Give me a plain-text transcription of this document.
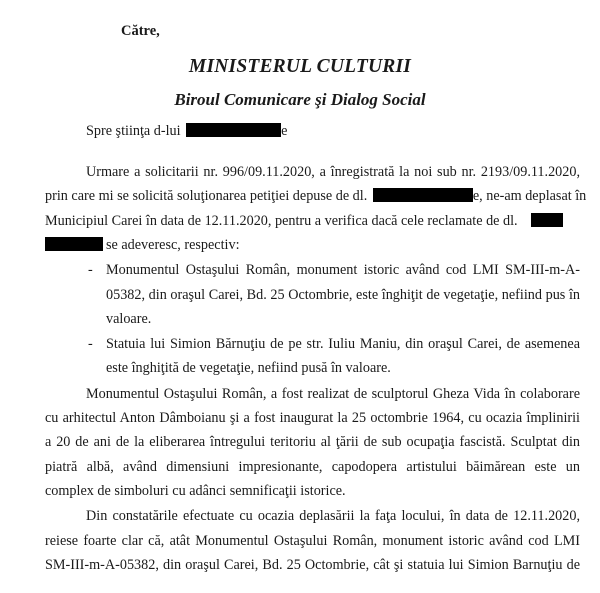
Către,
MINISTERUL CULTURII
Biroul Comunicare şi Dialog Social
Spre ştiinţa d-lui	e
Urmare a solicitarii nr. 996/09.11.2020, a înregistrată la noi sub nr. 2193/09.11.2020,
prin care mi se solicită soluţionarea petiţiei depuse de dl.	e, ne-am deplasat în
Municipiul Carei în data de 12.11.2020, pentru a verifica dacă cele reclamate de dl.
se adeveresc, respectiv:
- Monumentul Ostaşului Român, monument istoric având cod LMI SM-III-m-A-
05382, din oraşul Carei, Bd. 25 Octombrie, este înghiţit de vegetaţie, nefiind pus în
valoare.
- Statuia lui Simion Bărnuţiu de pe str. Iuliu Maniu, din oraşul Carei, de asemenea
este înghiţită de vegetaţie, nefiind pusă în valoare.
Monumentul Ostaşului Român, a fost realizat de sculptorul Gheza Vida în colaborare
cu arhitectul Anton Dâmboianu şi a fost inaugurat la 25 octombrie 1964, cu ocazia împlinirii
a 20 de ani de la eliberarea întregului teritoriu al ţării de sub ocupaţia fascistă. Sculptat din
piatră albă, având dimensiuni impresionante, capodopera artistului băimărean este un
complex de simboluri cu adânci semnificaţii istorice.
Din constatările efectuate cu ocazia deplasării la faţa locului, în data de 12.11.2020,
reiese foarte clar că, atât Monumentul Ostaşului Român, monument istoric având cod LMI
SM-III-m-A-05382, din oraşul Carei, Bd. 25 Octombrie, cât şi statuia lui Simion Barnuţiu de
